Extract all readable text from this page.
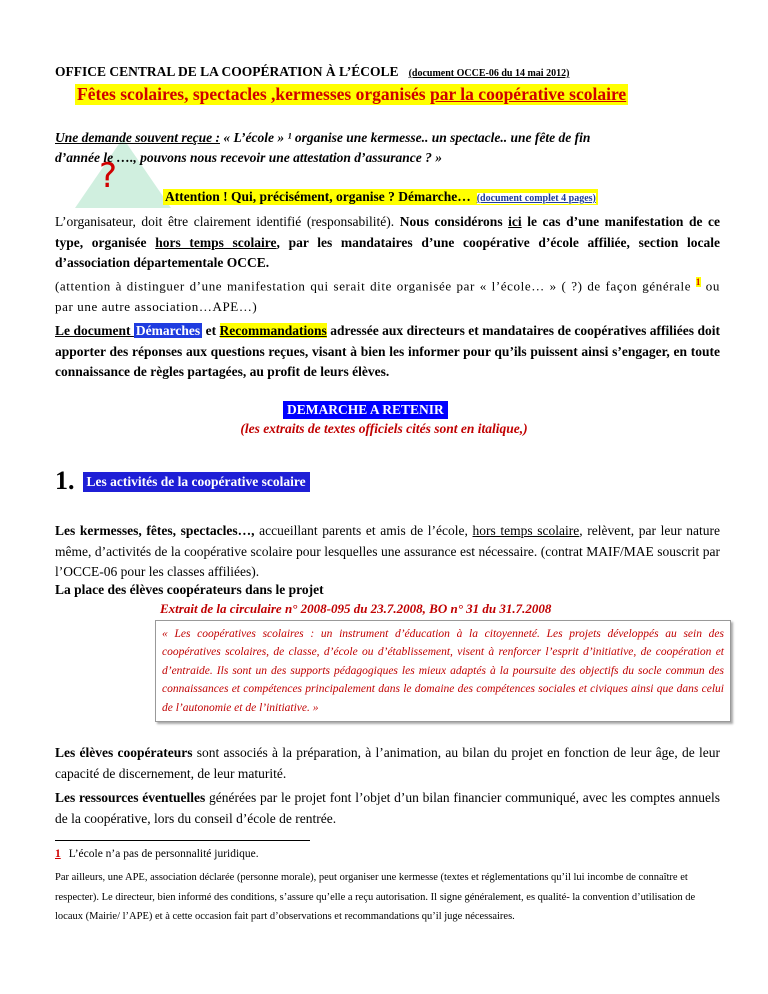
OFFICE CENTRAL DE LA COOPÉRATION À L’ÉCOLE (document OCCE-06 du 14 mai 2012)
Fêtes scolaires, spectacles ,kermesses organisés par la coopérative scolaire
?
Une demande souvent reçue : « L’école » ¹ organise une kermesse.. un spectacle.. une fête de fin
d’année le …., pouvons nous recevoir une attestation d’assurance ? »
Attention ! Qui, précisément, organise ? Démarche… (document complet 4 pages)
L’organisateur, doit être clairement identifié (responsabilité). Nous considérons ici le cas d’une manifestation de ce type, organisée hors temps scolaire, par les mandataires d’une coopérative d’école affiliée, section locale d’association départementale OCCE.
(attention à distinguer d’une manifestation qui serait dite organisée par « l’école… » ( ?) de façon générale $^1$ ou par une autre association…APE…)
Le document Démarches et Recommandations adressée aux directeurs et mandataires de coopératives affiliées doit apporter des réponses aux questions reçues, visant à bien les informer pour qu’ils puissent ainsi s’engager, en toute connaissance de règles partagées, au profit de leurs élèves.
DEMARCHE A RETENIR
(les extraits de textes officiels cités sont en italique,)
1. Les activités de la coopérative scolaire
Les kermesses, fêtes, spectacles…, accueillant parents et amis de l’école, hors temps scolaire, relèvent, par leur nature même, d’activités de la coopérative scolaire pour lesquelles une assurance est nécessaire. (contrat MAIF/MAE souscrit par l’OCCE-06 pour les classes affiliées).
La place des élèves coopérateurs dans le projet
Extrait de la circulaire n° 2008-095 du 23.7.2008, BO n° 31 du 31.7.2008
« Les coopératives scolaires : un instrument d’éducation à la citoyenneté. Les projets développés au sein des coopératives scolaires, de classe, d’école ou d’établissement, visent à renforcer l’esprit d’initiative, de coopération et d’entraide. Ils sont un des supports pédagogiques les mieux adaptés à la poursuite des objectifs du socle commun des connaissances et compétences principalement dans le domaine des compétences sociales et civiques ainsi que dans celui de l’autonomie et de l’initiative. »
Les élèves coopérateurs sont associés à la préparation, à l’animation, au bilan du projet en fonction de leur âge, de leur capacité de discernement, de leur maturité.
Les ressources éventuelles générées par le projet font l’objet d’un bilan financier communiqué, avec les comptes annuels de la coopérative, lors du conseil d’école de rentrée.
1 L’école n’a pas de personnalité juridique.
Par ailleurs, une APE, association déclarée (personne morale), peut organiser une kermesse (textes et réglementations qu’il lui incombe de connaître et respecter). Le directeur, bien informé des conditions, s’assure qu’elle a reçu autorisation. Il signe généralement, es qualité- la convention d’utilisation de locaux (Mairie/ l’APE) et à cette occasion fait part d’observations et recommandations qu’il juge nécessaires.
